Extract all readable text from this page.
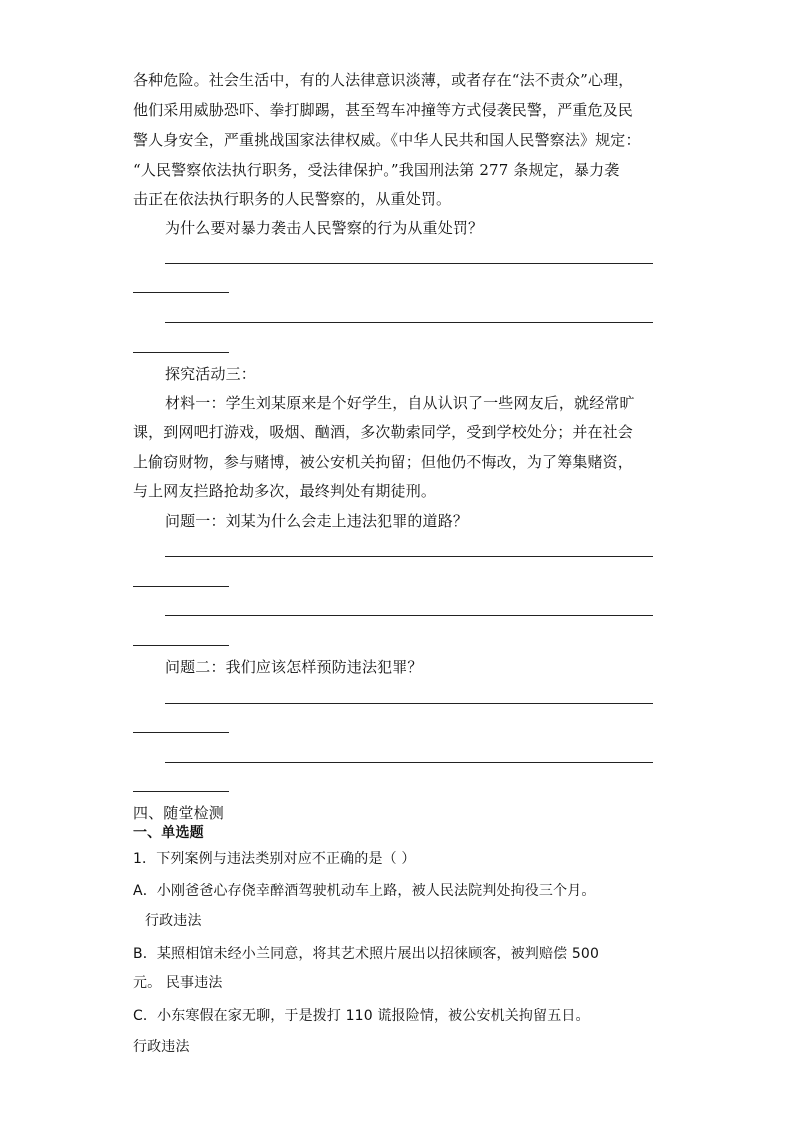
各种危险。社会生活中，有的人法律意识淡薄，或者存在“法不责众”心理，
他们采用威胁恐吓、拳打脚踢，甚至驾车冲撞等方式侵袭民警，严重危及民
警人身安全，严重挑战国家法律权威。《中华人民共和国人民警察法》规定：
“人民警察依法执行职务，受法律保护。”我国刑法第 277 条规定，暴力袭
击正在依法执行职务的人民警察的，从重处罚。
为什么要对暴力袭击人民警察的行为从重处罚？
探究活动三：
材料一：学生刘某原来是个好学生，自从认识了一些网友后，就经常旷
课，到网吧打游戏，吸烟、酗酒，多次勒索同学，受到学校处分；并在社会
上偷窃财物，参与赌博，被公安机关拘留；但他仍不悔改，为了筹集赌资，
与上网友拦路抢劫多次，最终判处有期徒刑。
问题一：刘某为什么会走上违法犯罪的道路？
问题二：我们应该怎样预防违法犯罪？
四、随堂检测
一、单选题
1．下列案例与违法类别对应不正确的是（ ）
A．小刚爸爸心存侥幸醉酒驾驶机动车上路，被人民法院判处拘役三个月。
行政违法
B．某照相馆未经小兰同意，将其艺术照片展出以招徕顾客，被判赔偿 500
元。 民事违法
C．小东寒假在家无聊，于是拨打 110 谎报险情，被公安机关拘留五日。
行政违法
